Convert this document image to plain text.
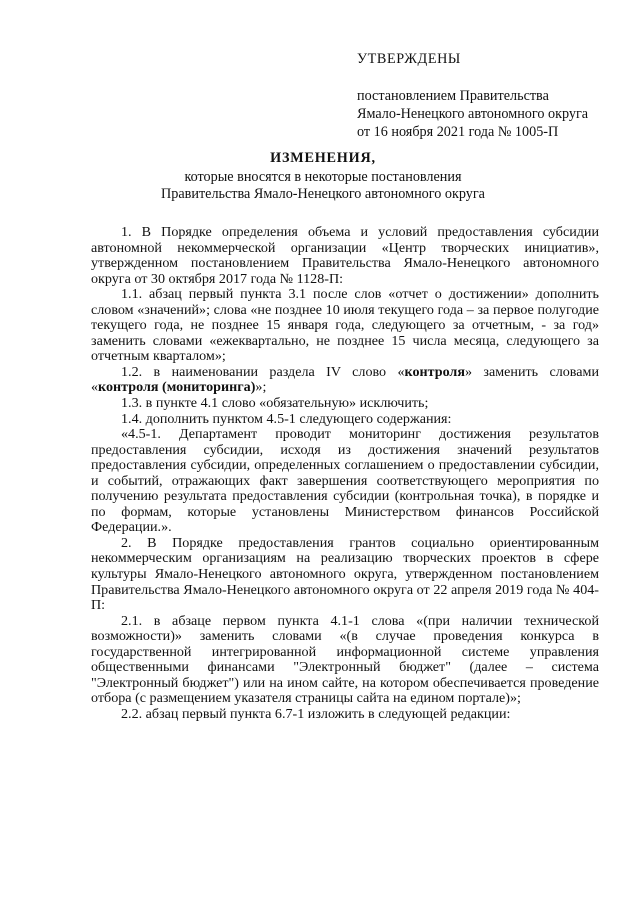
УТВЕРЖДЕНЫ
постановлением Правительства
Ямало-Ненецкого автономного округа
от 16 ноября 2021 года № 1005-П
ИЗМЕНЕНИЯ,
которые вносятся в некоторые постановления
Правительства Ямало-Ненецкого автономного округа

1. В Порядке определения объема и условий предоставления субсидии автономной некоммерческой организации «Центр творческих инициатив», утвержденном постановлением Правительства Ямало-Ненецкого автономного округа от 30 октября 2017 года № 1128-П:

1.1. абзац первый пункта 3.1 после слов «отчет о достижении» дополнить словом «значений»; слова «не позднее 10 июля текущего года – за первое полугодие текущего года, не позднее 15 января года, следующего за отчетным, - за год» заменить словами «ежеквартально, не позднее 15 числа месяца, следующего за отчетным кварталом»;

1.2. в наименовании раздела IV слово «контроля» заменить словами «контроля (мониторинга)»;

1.3. в пункте 4.1 слово «обязательную» исключить;

1.4. дополнить пунктом 4.5-1 следующего содержания:

«4.5-1. Департамент проводит мониторинг достижения результатов предоставления субсидии, исходя из достижения значений результатов предоставления субсидии, определенных соглашением о предоставлении субсидии, и событий, отражающих факт завершения соответствующего мероприятия по получению результата предоставления субсидии (контрольная точка), в порядке и по формам, которые установлены Министерством финансов Российской Федерации.».

2. В Порядке предоставления грантов социально ориентированным некоммерческим организациям на реализацию творческих проектов в сфере культуры Ямало-Ненецкого автономного округа, утвержденном постановлением Правительства Ямало-Ненецкого автономного округа от 22 апреля 2019 года № 404-П:

2.1. в абзаце первом пункта 4.1-1 слова «(при наличии технической возможности)» заменить словами «(в случае проведения конкурса в государственной интегрированной информационной системе управления общественными финансами "Электронный бюджет" (далее – система "Электронный бюджет") или на ином сайте, на котором обеспечивается проведение отбора (с размещением указателя страницы сайта на едином портале)»;

2.2. абзац первый пункта 6.7-1 изложить в следующей редакции:
